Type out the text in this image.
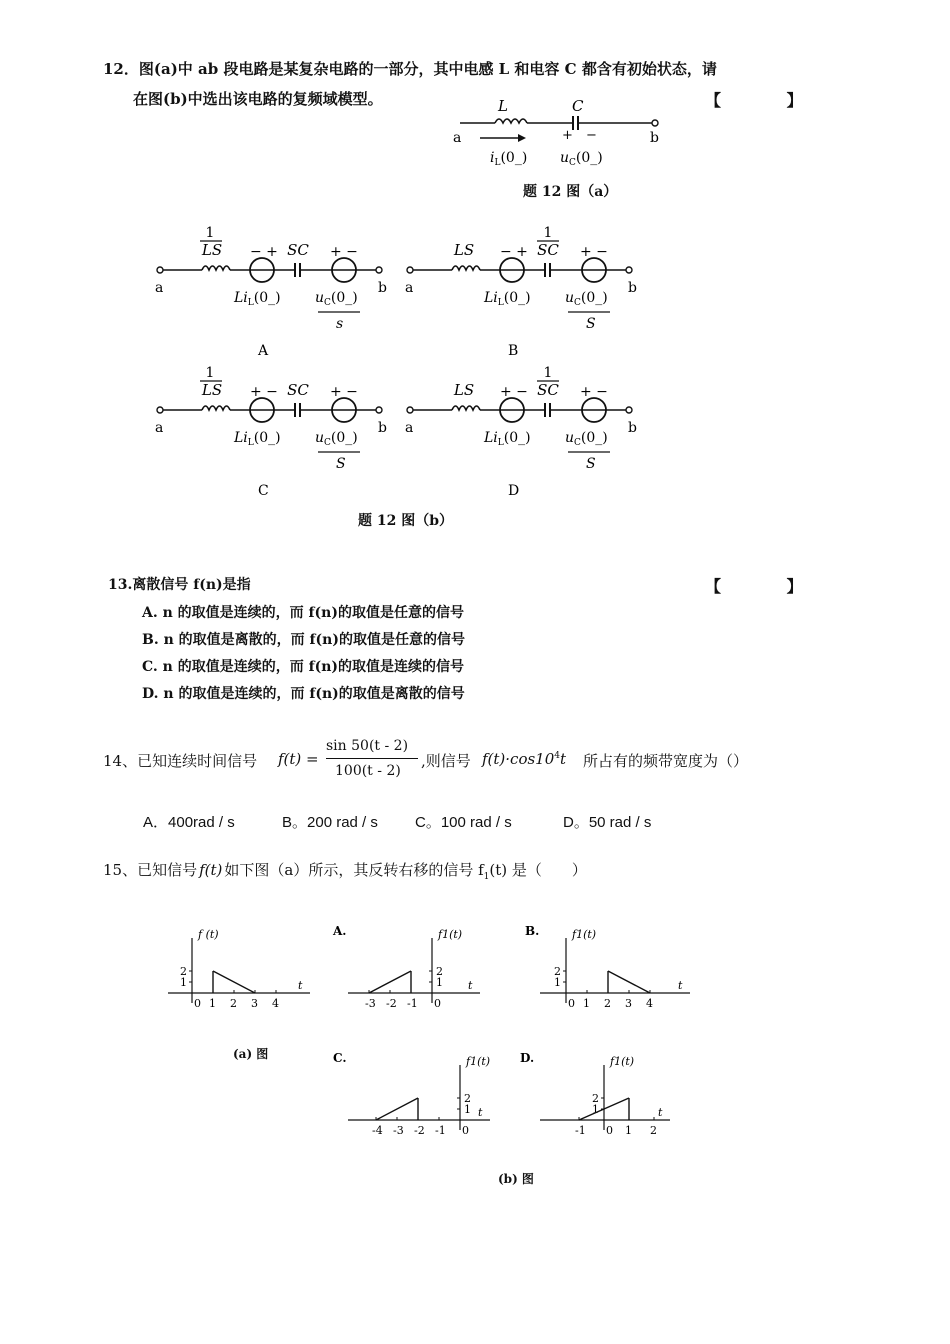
12．图(a)中 ab 段电路是某复杂电路的一部分，其中电感 L 和电容 C 都含有初始状态，请
在图(b)中选出该电路的复频域模型。	【 】
L	C
a	b
+ −
$i_L(0\_)$ $u_C(0\_)$
题 12 图（a）
a	b
1
LS − +	+ −
SC
$Li_L(0\_)$ $u_C(0\_)$
s
A
a	b
LS − +	+ −
1
SC
$Li_L(0\_)$ $u_C(0\_)$
S
B
a	b
1
LS + −	+ −
SC
$Li_L(0\_)$ $u_C(0\_)$
S
C
a	b
LS + −	+ −
1
SC
$Li_L(0\_)$ $u_C(0\_)$
S
D
题 12 图（b）
13.离散信号 f(n)是指	【 】
A. n 的取值是连续的，而 f(n)的取值是任意的信号
B. n 的取值是离散的，而 f(n)的取值是任意的信号
C. n 的取值是连续的，而 f(n)的取值是连续的信号
D. n 的取值是连续的，而 f(n)的取值是离散的信号
14、已知连续时间信号 f(t) =
sin 50(t - 2)
100(t - 2)
,则信号 $f(t)\cdot\cos 10^4t$ 所占有的频带宽度为（）
A．400rad / s	B。200 rad / s C。100 rad / s	D。50 rad / s
15、已知信号 f(t) 如下图（a）所示，其反转右移的信号 $f_1(t)$ 是（　　）
1
2
0 1 2 3 4
f (t)
t	1
2
-3 -2 -1 0
f1(t)
t
A.
1
2
0 1 2 3 4
f1(t)
t
B.
1
2
-4 -3 -2 -1 0
f1(t)
t
C.
1
2
-1 0 1 2
f1(t)
t
D.
(a) 图
(b) 图
